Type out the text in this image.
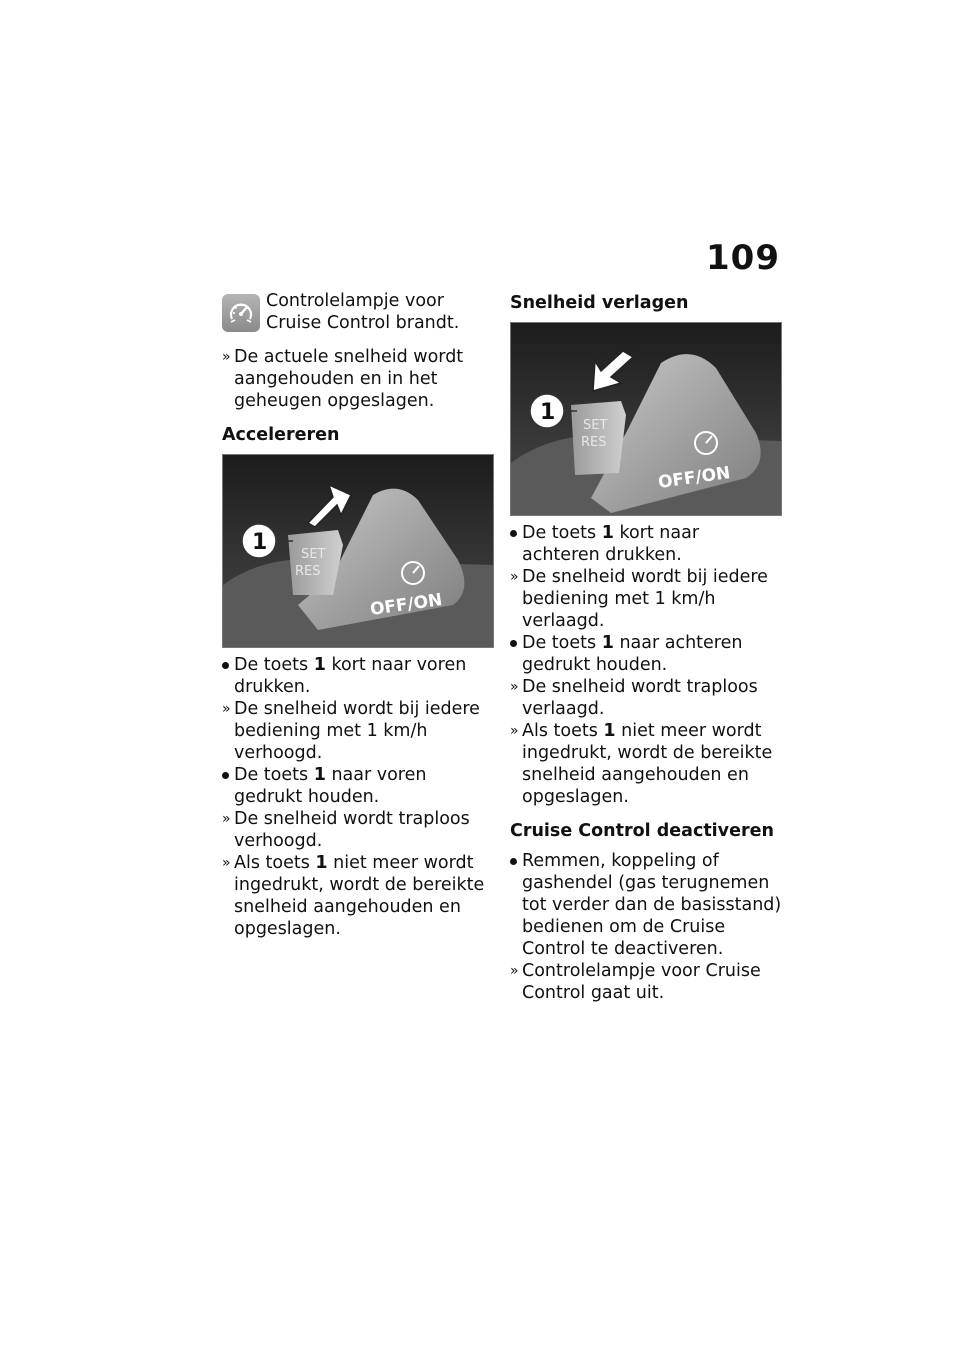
109
Controlelampje voor Cruise Control brandt.
» De actuele snelheid wordt aangehouden en in het geheugen opgeslagen.
Accelereren
SET
RES
OFF/ON
1
De toets 1 kort naar voren drukken.
» De snelheid wordt bij iedere bediening met 1 km/h verhoogd.
De toets 1 naar voren gedrukt houden.
» De snelheid wordt traploos verhoogd.
» Als toets 1 niet meer wordt ingedrukt, wordt de bereikte snelheid aangehouden en opgeslagen.
Snelheid verlagen
SET
RES
OFF/ON
1
De toets 1 kort naar achteren drukken.
» De snelheid wordt bij iedere bediening met 1 km/h verlaagd.
De toets 1 naar achteren gedrukt houden.
» De snelheid wordt traploos verlaagd.
» Als toets 1 niet meer wordt ingedrukt, wordt de bereikte snelheid aangehouden en opgeslagen.
Cruise Control deactiveren
Remmen, koppeling of gashendel (gas terugnemen tot verder dan de basisstand) bedienen om de Cruise Control te deactiveren.
» Controlelampje voor Cruise Control gaat uit.
